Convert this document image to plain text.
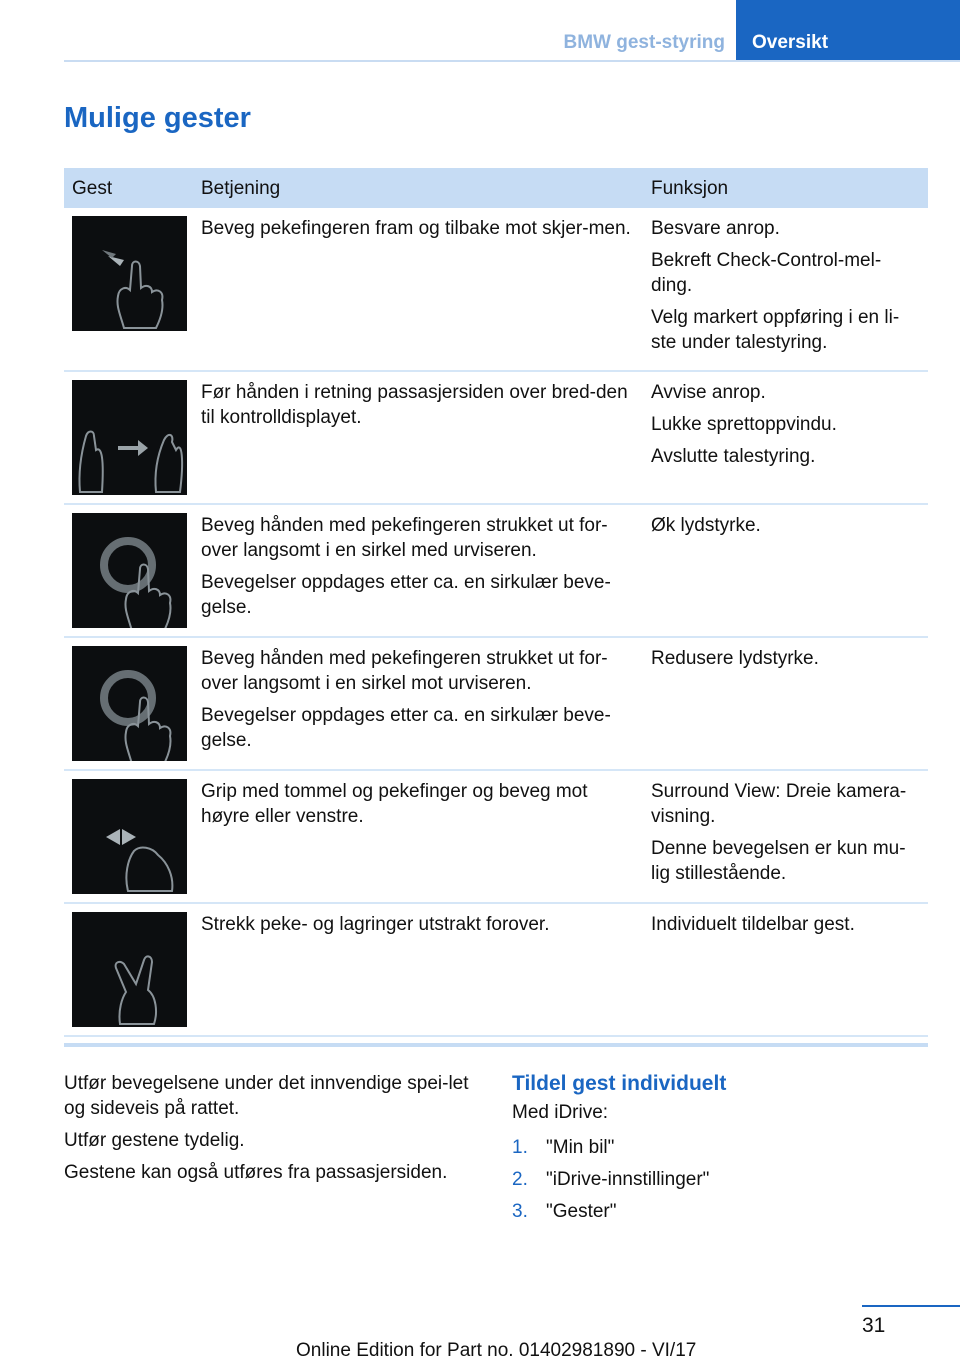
BMW gest-styring	Oversikt
Mulige gester
Gest	Betjening	Funksjon

Beveg pekefingeren fram og tilbake mot skjer-men.	Besvare anrop.

Bekreft Check-Control-mel-ding.

Velg markert oppføring i en li-ste under talestyring.

Før hånden i retning passasjersiden over bred-den til kontrolldisplayet.	Avvise anrop.

Lukke sprettoppvindu.

Avslutte talestyring.

Beveg hånden med pekefingeren strukket ut for-over langsomt i en sirkel med urviseren.

Bevegelser oppdages etter ca. en sirkulær beve-gelse.	Øk lydstyrke.

Beveg hånden med pekefingeren strukket ut for-over langsomt i en sirkel mot urviseren.

Bevegelser oppdages etter ca. en sirkulær beve-gelse.	Redusere lydstyrke.

Grip med tommel og pekefinger og beveg mot høyre eller venstre.	Surround View: Dreie kamera-visning.

Denne bevegelsen er kun mu-lig stillestående.

Strekk peke- og lagringer utstrakt forover.	Individuelt tildelbar gest.

Utfør bevegelsene under det innvendige spei-let og sideveis på rattet.

Utfør gestene tydelig.

Gestene kan også utføres fra passasjersiden.

Tildel gest individuelt

Med iDrive:

1. "Min bil"
2. "iDrive-innstillinger"
3. "Gester"
31
Online Edition for Part no. 01402981890 - VI/17
